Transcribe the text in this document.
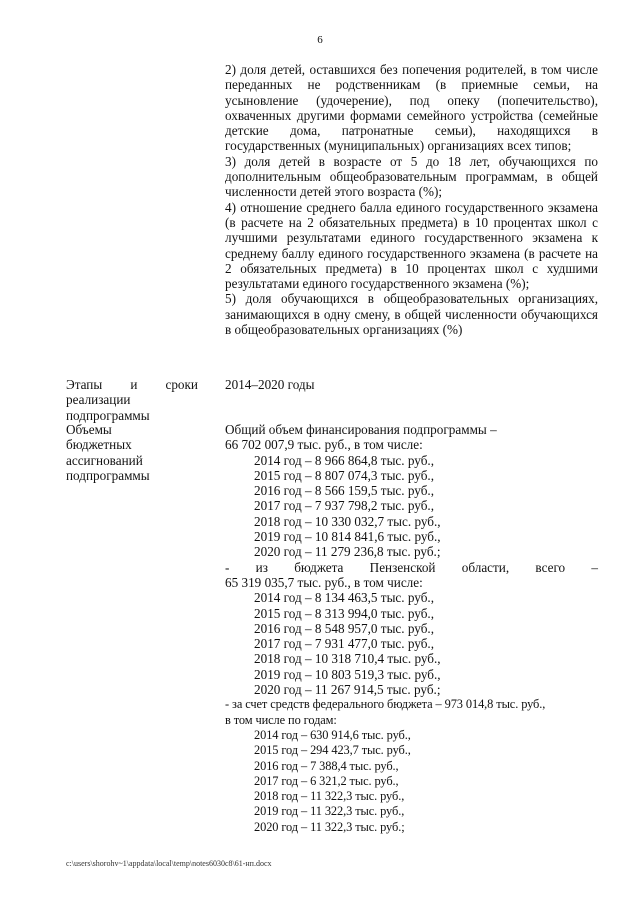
6
2) доля детей, оставшихся без попечения родителей, в том числе переданных не родственникам (в приемные семьи, на усыновление (удочерение), под опеку (попечительство), охваченных другими формами семейного устройства (семейные детские дома, патронатные семьи), находящихся в государственных (муниципальных) организациях всех типов;
3) доля детей в возрасте от 5 до 18 лет, обучающихся по дополнительным общеобразовательным программам, в общей численности детей этого возраста (%);
4) отношение среднего балла единого государственного экзамена (в расчете на 2 обязательных предмета) в 10 процентах школ с лучшими результатами единого государственного экзамена к среднему баллу единого государственного экзамена (в расчете на 2 обязательных предмета) в 10 процентах школ с худшими результатами единого государственного экзамена (%);
5) доля обучающихся в общеобразовательных организациях, занимающихся в одну смену, в общей численности обучающихся в общеобразовательных организациях (%)
Этапы и сроки
реализации
подпрограммы
2014–2020 годы
Объемы
бюджетных
ассигнований
подпрограммы
Общий объем финансирования подпрограммы –
66 702 007,9 тыс. руб., в том числе:
2014 год – 8 966 864,8 тыс. руб.,
2015 год – 8 807 074,3 тыс. руб.,
2016 год – 8 566 159,5 тыс. руб.,
2017 год – 7 937 798,2 тыс. руб.,
2018 год – 10 330 032,7 тыс. руб.,
2019 год – 10 814 841,6 тыс. руб.,
2020 год – 11 279 236,8 тыс. руб.;
- из бюджета Пензенской области, всего –
65 319 035,7 тыс. руб., в том числе:
2014 год – 8 134 463,5 тыс. руб.,
2015 год – 8 313 994,0 тыс. руб.,
2016 год – 8 548 957,0 тыс. руб.,
2017 год – 7 931 477,0 тыс. руб.,
2018 год – 10 318 710,4 тыс. руб.,
2019 год – 10 803 519,3 тыс. руб.,
2020 год – 11 267 914,5 тыс. руб.;
- за счет средств федерального бюджета – 973 014,8 тыс. руб.,
в том числе по годам:
2014 год – 630 914,6 тыс. руб.,
2015 год – 294 423,7 тыс. руб.,
2016 год – 7 388,4 тыс. руб.,
2017 год – 6 321,2 тыс. руб.,
2018 год – 11 322,3 тыс. руб.,
2019 год – 11 322,3 тыс. руб.,
2020 год – 11 322,3 тыс. руб.;
c:\users\shorohv~1\appdata\local\temp\notes6030c8\61-нп.docx
